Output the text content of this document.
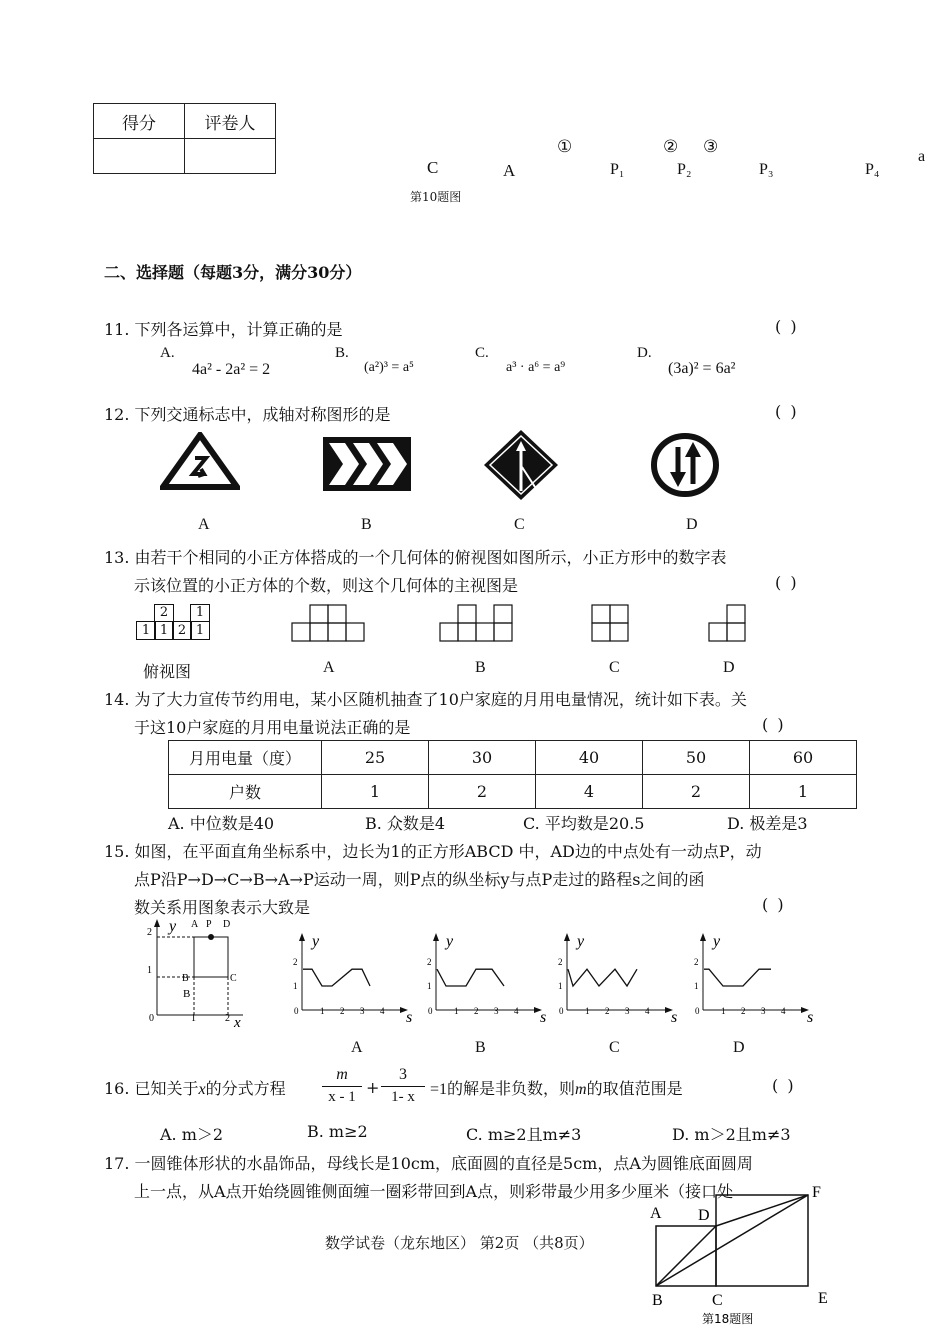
得分	评卷人

C	A
①	② ③
P₁	P₂	P₃	P₄
a
第10题图
二、选择题（每题3分，满分30分）
11. 下列各运算中，计算正确的是	( )
A.	B.	C.	D.
4a² - 2a² = 2	(a²)³ = a⁵	a³ · a⁶ = a⁹	(3a)² = 6a²
12. 下列交通标志中，成轴对称图形的是	( )
A	B	C	D
13. 由若干个相同的小正方体搭成的一个几何体的俯视图如图所示，小正方形中的数字表
示该位置的小正方体的个数，则这个几何体的主视图是	( )
2	1
1 1 2 1
俯视图	A	B	C	D
14. 为了大力宣传节约用电，某小区随机抽查了10户家庭的月用电量情况，统计如下表。关
于这10户家庭的月用电量说法正确的是	( )
月用电量（度）	25	30	40	50	60
户数	1	2	4	2	1
A. 中位数是40	B. 众数是4	C. 平均数是20.5	D. 极差是3
15. 如图，在平面直角坐标系中，边长为1的正方形ABCD 中，AD边的中点处有一动点P，动
点P沿P→D→C→B→A→P运动一周，则P点的纵坐标y与点P走过的路程s之间的函
数关系用图象表示大致是	( )
y A P D
B
B
C
x
2
1
0	1	2
y
s
0 1 2 3 4
1
2
y
s
0 1 2 3 4
1
2
y
s
0 1 2 3 4
1
2
y
s
0 1 2 3 4
1
2
A	B	C	D
16. 已知关于x的分式方程
m
x - 1 +
3
1- x =1的解是非负数，则m的取值范围是	( )
A. m＞2	B. m≥2	C. m≥2且m≠3	D. m＞2且m≠3
17. 一圆锥体形状的水晶饰品，母线长是10cm，底面圆的直径是5cm，点A为圆锥底面圆周
上一点，从A点开始绕圆锥侧面缠一圈彩带回到A点，则彩带最少用多少厘米（接口处
A D
F
B	C	E
第18题图
数学试卷（龙东地区） 第2页 （共8页）
